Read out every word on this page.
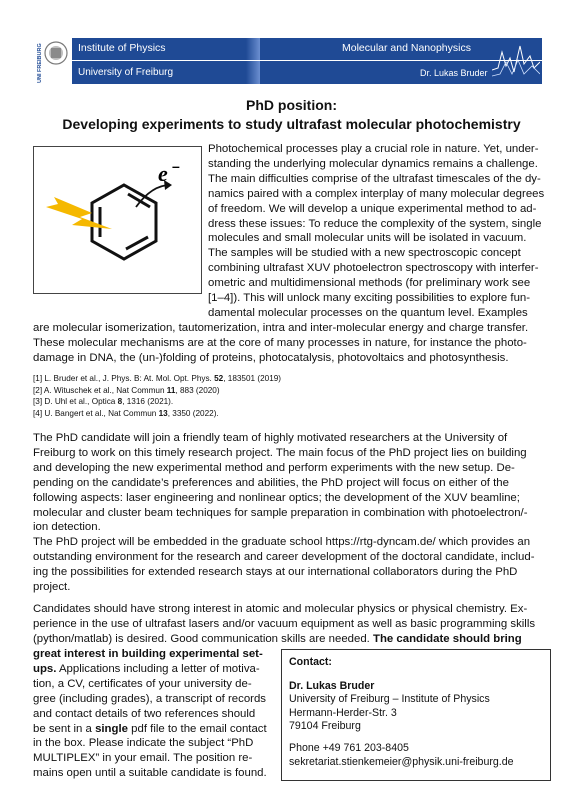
UNI FREIBURG	Institute of Physics
University of Freiburg
Molecular and Nanophysics
Dr. Lukas Bruder
PhD position:
Developing experiments to study ultrafast molecular photochemistry
e –
Photochemical processes play a crucial role in nature. Yet, under-
standing the underlying molecular dynamics remains a challenge.
The main difficulties comprise of the ultrafast timescales of the dy-
namics paired with a complex interplay of many molecular degrees
of freedom. We will develop a unique experimental method to ad-
dress these issues: To reduce the complexity of the system, single
molecules and small molecular units will be isolated in vacuum.
The samples will be studied with a new spectroscopic concept
combining ultrafast XUV photoelectron spectroscopy with interfer-
ometric and multidimensional methods (for preliminary work see
[1–4]). This will unlock many exciting possibilities to explore fun-
damental molecular processes on the quantum level. Examples
are molecular isomerization, tautomerization, intra and inter-molecular energy and charge transfer.
These molecular mechanisms are at the core of many processes in nature, for instance the photo-
damage in DNA, the (un-)folding of proteins, photocatalysis, photovoltaics and photosynthesis.
[1] L. Bruder et al., J. Phys. B: At. Mol. Opt. Phys. 52, 183501 (2019)
[2] A. Wituschek et al., Nat Commun 11, 883 (2020)
[3] D. Uhl et al., Optica 8, 1316 (2021).
[4] U. Bangert et al., Nat Commun 13, 3350 (2022).
The PhD candidate will join a friendly team of highly motivated researchers at the University of
Freiburg to work on this timely research project. The main focus of the PhD project lies on building
and developing the new experimental method and perform experiments with the new setup. De-
pending on the candidate’s preferences and abilities, the PhD project will focus on either of the
following aspects: laser engineering and nonlinear optics; the development of the XUV beamline;
molecular and cluster beam techniques for sample preparation in combination with photoelectron/-
ion detection.
The PhD project will be embedded in the graduate school https://rtg-dyncam.de/ which provides an
outstanding environment for the research and career development of the doctoral candidate, includ-
ing the possibilities for extended research stays at our international collaborators during the PhD
project.
Candidates should have strong interest in atomic and molecular physics or physical chemistry. Ex-
perience in the use of ultrafast lasers and/or vacuum equipment as well as basic programming skills
(python/matlab) is desired. Good communication skills are needed. The candidate should bring
great interest in building experimental set-
ups. Applications including a letter of motiva-
tion, a CV, certificates of your university de-
gree (including grades), a transcript of records
and contact details of two references should
be sent in a single pdf file to the email contact
in the box. Please indicate the subject “PhD
MULTIPLEX” in your email. The position re-
mains open until a suitable candidate is found.
Contact:
Dr. Lukas Bruder
University of Freiburg – Institute of Physics
Hermann-Herder-Str. 3
79104 Freiburg
Phone +49 761 203-8405
sekretariat.stienkemeier@physik.uni-freiburg.de
